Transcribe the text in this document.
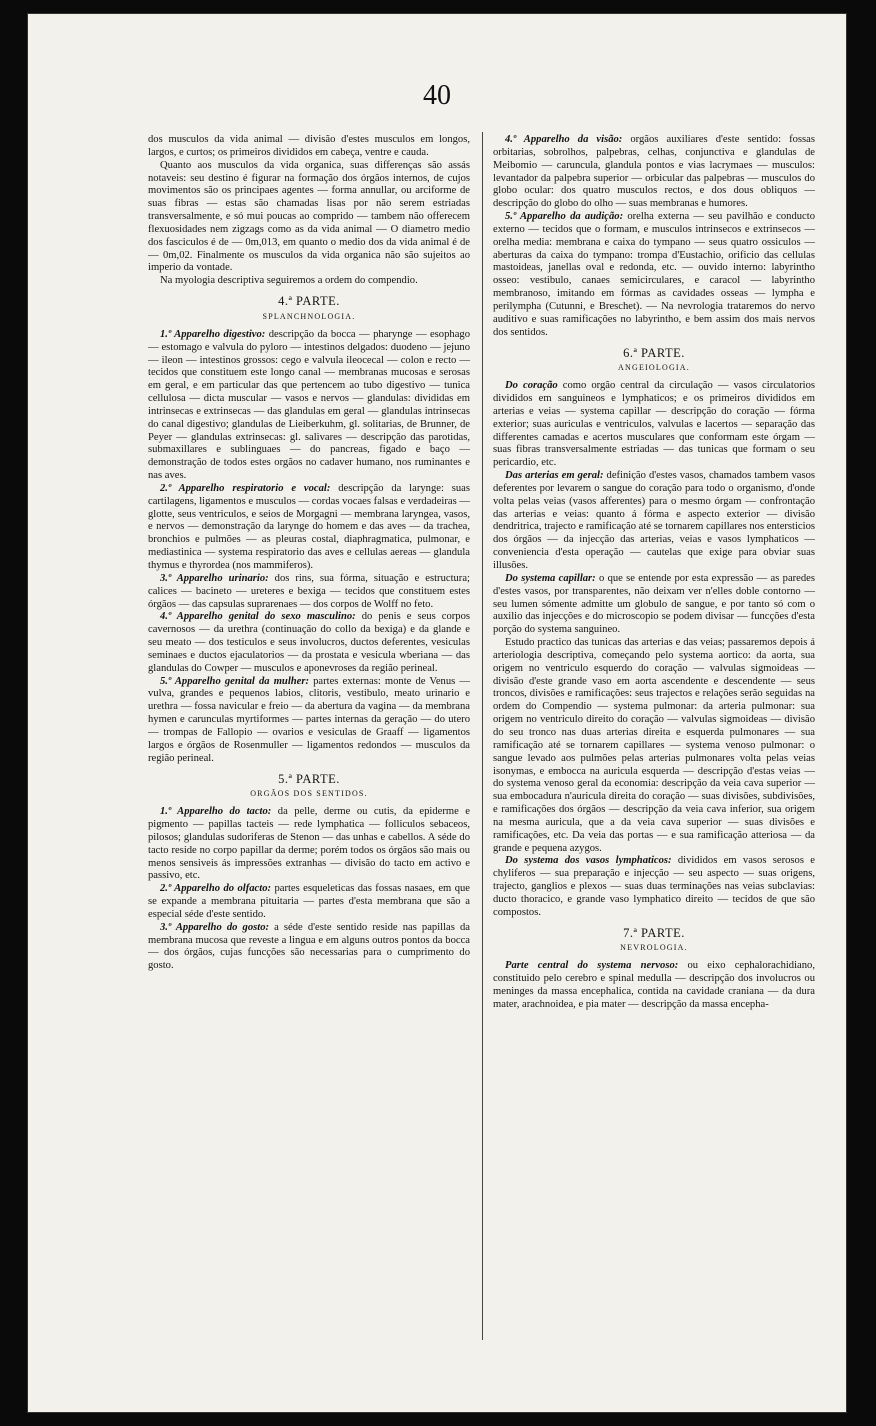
40

dos musculos da vida animal — divisão d'estes musculos em longos, largos, e curtos; os primeiros divididos em cabeça, ventre e cauda.

Quanto aos musculos da vida organica, suas differenças são assás notaveis: seu destino é figurar na formação dos órgãos internos, de cujos movimentos são os principaes agentes — forma annullar, ou arciforme de suas fibras — estas são chamadas lisas por não serem estriadas transversalmente, e só mui poucas ao comprido — tambem não offerecem flexuosidades nem zigzags como as da vida animal — O diametro medio dos fasciculos é de — 0m,013, em quanto o medio dos da vida animal é de — 0m,02. Finalmente os musculos da vida organica não são sujeitos ao imperio da vontade.

Na myologia descriptiva seguiremos a ordem do compendio.

4.ª PARTE.
SPLANCHNOLOGIA.

1.º Apparelho digestivo: descripção da bocca — pharynge — esophago — estomago e valvula do pyloro — intestinos delgados: duodeno — jejuno — ileon — intestinos grossos: cego e valvula ileocecal — colon e recto — tecidos que constituem este longo canal — membranas mucosas e serosas em geral, e em particular das que pertencem ao tubo digestivo — tunica cellulosa — dicta muscular — vasos e nervos — glandulas: divididas em intrinsecas e extrinsecas — das glandulas em geral — glandulas intrinsecas do canal digestivo; glandulas de Lieiberkuhm, gl. solitarias, de Brunner, de Peyer — glandulas extrinsecas: gl. salivares — descripção das parotidas, submaxillares e sublinguaes — do pancreas, figado e baço — demonstração de todos estes orgãos no cadaver humano, nos ruminantes e nas aves.

2.º Apparelho respiratorio e vocal: descripção da larynge: suas cartilagens, ligamentos e musculos — cordas vocaes falsas e verdadeiras — glotte, seus ventriculos, e seios de Morgagni — membrana laryngea, vasos, e nervos — demonstração da larynge do homem e das aves — da trachea, bronchios e pulmões — as pleuras costal, diaphragmatica, pulmonar, e mediastinica — systema respiratorio das aves e cellulas aereas — glandula thymus e thyrordea (nos mammiferos).

3.º Apparelho urinario: dos rins, sua fórma, situação e estructura; calices — bacineto — ureteres e bexiga — tecidos que constituem estes órgãos — das capsulas suprarenaes — dos corpos de Wolff no feto.

4.º Apparelho genital do sexo masculino: do penis e seus corpos cavernosos — da urethra (continuação do collo da bexiga) e da glande e seu meato — dos testiculos e seus involucros, ductos deferentes, vesiculas seminaes e ductos ejaculatorios — da prostata e vesicula wberiana — das glandulas do Cowper — musculos e aponevroses da região perineal.

5.º Apparelho genital da mulher: partes externas: monte de Venus — vulva, grandes e pequenos labios, clitoris, vestibulo, meato urinario e urethra — fossa navicular e freio — da abertura da vagina — da membrana hymen e carunculas myrtiformes — partes internas da geração — do utero — trompas de Fallopio — ovarios e vesiculas de Graaff — ligamentos largos e órgãos de Rosenmuller — ligamentos redondos — musculos da região perineal.

5.ª PARTE.
ORGÃOS DOS SENTIDOS.

1.º Apparelho do tacto: da pelle, derme ou cutis, da epiderme e pigmento — papillas tacteis — rede lymphatica — folliculos sebaceos, pilosos; glandulas sudoriferas de Stenon — das unhas e cabellos. A séde do tacto reside no corpo papillar da derme; porém todos os órgãos são mais ou menos sensiveis ás impressões extranhas — divisão do tacto em activo e passivo, etc.

2.º Apparelho do olfacto: partes esqueleticas das fossas nasaes, em que se expande a membrana pituitaria — partes d'esta membrana que são a especial séde d'este sentido.

3.º Apparelho do gosto: a séde d'este sentido reside nas papillas da membrana mucosa que reveste a lingua e em alguns outros pontos da bocca — dos órgãos, cujas funcções são necessarias para o cumprimento do gosto.

4.º Apparelho da visão: orgãos auxiliares d'este sentido: fossas orbitarias, sobrolhos, palpebras, celhas, conjunctiva e glandulas de Meibomio — caruncula, glandula pontos e vias lacrymaes — musculos: levantador da palpebra superior — orbicular das palpebras — musculos do globo ocular: dos quatro musculos rectos, e dos dous obliquos — descripção do globo do olho — suas membranas e humores.

5.º Apparelho da audição: orelha externa — seu pavilhão e conducto externo — tecidos que o formam, e musculos intrinsecos e extrinsecos — orelha media: membrana e caixa do tympano — seus quatro ossiculos — aberturas da caixa do tympano: trompa d'Eustachio, orificio das cellulas mastoideas, janellas oval e redonda, etc. — ouvido interno: labyrintho osseo: vestibulo, canaes semicirculares, e caracol — labyrintho membranoso, imitando em fórmas as cavidades osseas — lympha e perilympha (Cutunni, e Breschet). — Na nevrologia trataremos do nervo auditivo e suas ramificações no labyrintho, e bem assim dos mais nervos dos sentidos.

6.ª PARTE.
ANGEIOLOGIA.

Do coração como orgão central da circulação — vasos circulatorios divididos em sanguineos e lymphaticos; e os primeiros divididos em arterias e veias — systema capillar — descripção do coração — fórma exterior; suas auriculas e ventriculos, valvulas e lacertos — separação das differentes camadas e acertos musculares que conformam este órgam — suas fibras transversalmente estriadas — das tunicas que formam o seu pericardio, etc.

Das arterias em geral: definição d'estes vasos, chamados tambem vasos deferentes por levarem o sangue do coração para todo o organismo, d'onde volta pelas veias (vasos afferentes) para o mesmo órgam — confrontação das arterias e veias: quanto á fórma e aspecto exterior — divisão dendritrica, trajecto e ramificação até se tornarem capillares nos entersticios dos órgãos — da injecção das arterias, veias e vasos lymphaticos — conveniencia d'esta operação — cautelas que exige para obviar suas illusões.

Do systema capillar: o que se entende por esta expressão — as paredes d'estes vasos, por transparentes, não deixam ver n'elles doble contorno — seu lumen sómente admitte um globulo de sangue, e por tanto só com o auxilio das injecções e do microscopio se podem divisar — funcções d'esta porção do systema sanguineo.

Estudo practico das tunicas das arterias e das veias; passaremos depois á arteriologia descriptiva, começando pelo systema aortico: da aorta, sua origem no ventriculo esquerdo do coração — valvulas sigmoideas — divisão d'este grande vaso em aorta ascendente e descendente — seus troncos, divisões e ramificações: seus trajectos e relações serão seguidas na ordem do Compendio — systema pulmonar: da arteria pulmonar: sua origem no ventriculo direito do coração — valvulas sigmoideas — divisão do seu tronco nas duas arterias direita e esquerda pulmonares — sua ramificação até se tornarem capillares — systema venoso pulmonar: o sangue levado aos pulmões pelas arterias pulmonares volta pelas veias isonymas, e embocca na auricula esquerda — descripção d'estas veias — do systema venoso geral da economia: descripção da veia cava superior — sua embocadura n'auricula direita do coração — suas divisões, subdivisões, e ramificações dos órgãos — descripção da veia cava inferior, sua origem na mesma auricula, que a da veia cava superior — suas divisões e ramificações, etc. Da veia das portas — e sua ramificação atteriosa — da grande e pequena azygos.

Do systema dos vasos lymphaticos: divididos em vasos serosos e chyliferos — sua preparação e injecção — seu aspecto — suas origens, trajecto, ganglios e plexos — suas duas terminações nas veias subclavias: ducto thoracico, e grande vaso lymphatico direito — tecidos de que são compostos.

7.ª PARTE.
NEVROLOGIA.

Parte central do systema nervoso: ou eixo cephalorachidiano, constituido pelo cerebro e spinal medulla — descripção dos involucros ou meninges da massa encephalica, contida na cavidade craniana — da dura mater, arachnoidea, e pia mater — descripção da massa encepha-
